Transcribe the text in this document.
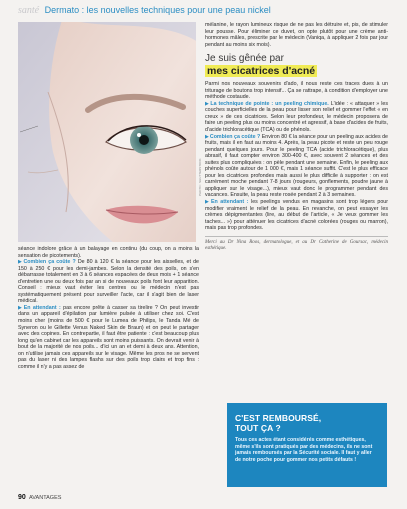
santé Dermato : les nouvelles techniques pour une peau nickel
PHOTO : SHUTTERSTOCK

séance indolore grâce à un balayage en continu (du coup, on a moins la sensation de picotements).

▶Combien ça coûte ? De 80 à 120 € la séance pour les aisselles, et de 150 à 250 € pour les demi-jambes. Selon la densité des poils, on s'en débarrasse totalement en 3 à 6 séances espacées de deux mois + 1 séance d'entretien une ou deux fois par an si de nouveaux poils font leur apparition. Conseil : mieux vaut éviter les centres ou le médecin n'est pas systématiquement présent pour surveiller l'acte, car il s'agit bien de laser médical.

▶En attendant : pas encore prête à casser sa tirelire ? On peut investir dans un appareil d'épilation par lumière pulsée à utiliser chez soi. C'est moins cher (moins de 500 € pour le Lumea de Philips, le Tanda Mé de Syneron ou le Gillette Venus Naked Skin de Braun) et on peut le partager avec des copines. En contrepartie, il faut être patiente : c'est beaucoup plus long qu'en cabinet car les appareils sont moins puissants. On devrait venir à bout de la majorité de nos poils... d'ici un an et demi à deux ans. Attention, on n'utilise jamais ces appareils sur le visage. Même les pros ne se servent pas du laser ni des lampes flashs sur des poils trop clairs et trop fins : comme il n'y a pas assez de

mélanine, le rayon lumineux risque de ne pas les détruire et, pis, de stimuler leur pousse. Pour éliminer ce duvet, on opte plutôt pour une crème anti-hormones mâles, prescrite par le médecin (Vaniqa, à appliquer 2 fois par jour pendant au moins six mois).

Je suis gênée par
mes cicatrices d'acné

Parmi nos nouveaux souvenirs d'ado, il nous reste ces traces dues à un triturage de boutons trop intensif... Ça se rattrape, à condition d'employer une méthode costaude.

▶La technique de pointe : un peeling chimique. L'idée : « attaquer » les couches superficielles de la peau pour lisser son relief et gommer l'effet « en creux » de ces cicatrices. Selon leur profondeur, le médecin proposera de faire un peeling plus ou moins concentré et agressif, à base d'acides de fruits, d'acide trichloracétique (TCA) ou de phénols.

▶Combien ça coûte ? Environ 80 € la séance pour un peeling aux acides de fruits, mais il en faut au moins 4. Après, la peau picote et reste un peu rouge pendant quelques jours. Pour le peeling TCA (acide trichloracétique), plus abrasif, il faut compter environ 300-400 €, avec souvent 2 séances et des suites plus compliquées : on pèle pendant une semaine. Enfin, le peeling aux phénols coûte autour de 1 000 €, mais 1 séance suffit. C'est le plus efficace pour les cicatrices profondes mais aussi le plus difficile à supporter : on est carrément moche pendant 7-8 jours (rougeurs, gonflements, poudre jaune à appliquer sur le visage...), mieux vaut donc le programmer pendant des vacances. Ensuite, la peau reste rosée pendant 2 à 3 semaines.

▶En attendant : les peelings vendus en magasins sont trop légers pour modifier vraiment le relief de la peau. En revanche, on peut essayer les crèmes dépigmentantes (lire, au début de l'article, « Je veux gommer les taches... ») pour atténuer les cicatrices d'acné colorées (rouges ou marron), mais pas trop profondes.

Merci au Dr Nina Roos, dermatologue, et au Dr Catherine de Goursac, médecin esthétique.
C'EST REMBOURSÉ,
TOUT ÇA ?
Tous ces actes étant considérés comme esthétiques, même s'ils sont pratiqués par des médecins, ils ne sont jamais remboursés par la Sécurité sociale. Il faut y aller de notre poche pour gommer nos petits défauts !
90 AVANTAGES
